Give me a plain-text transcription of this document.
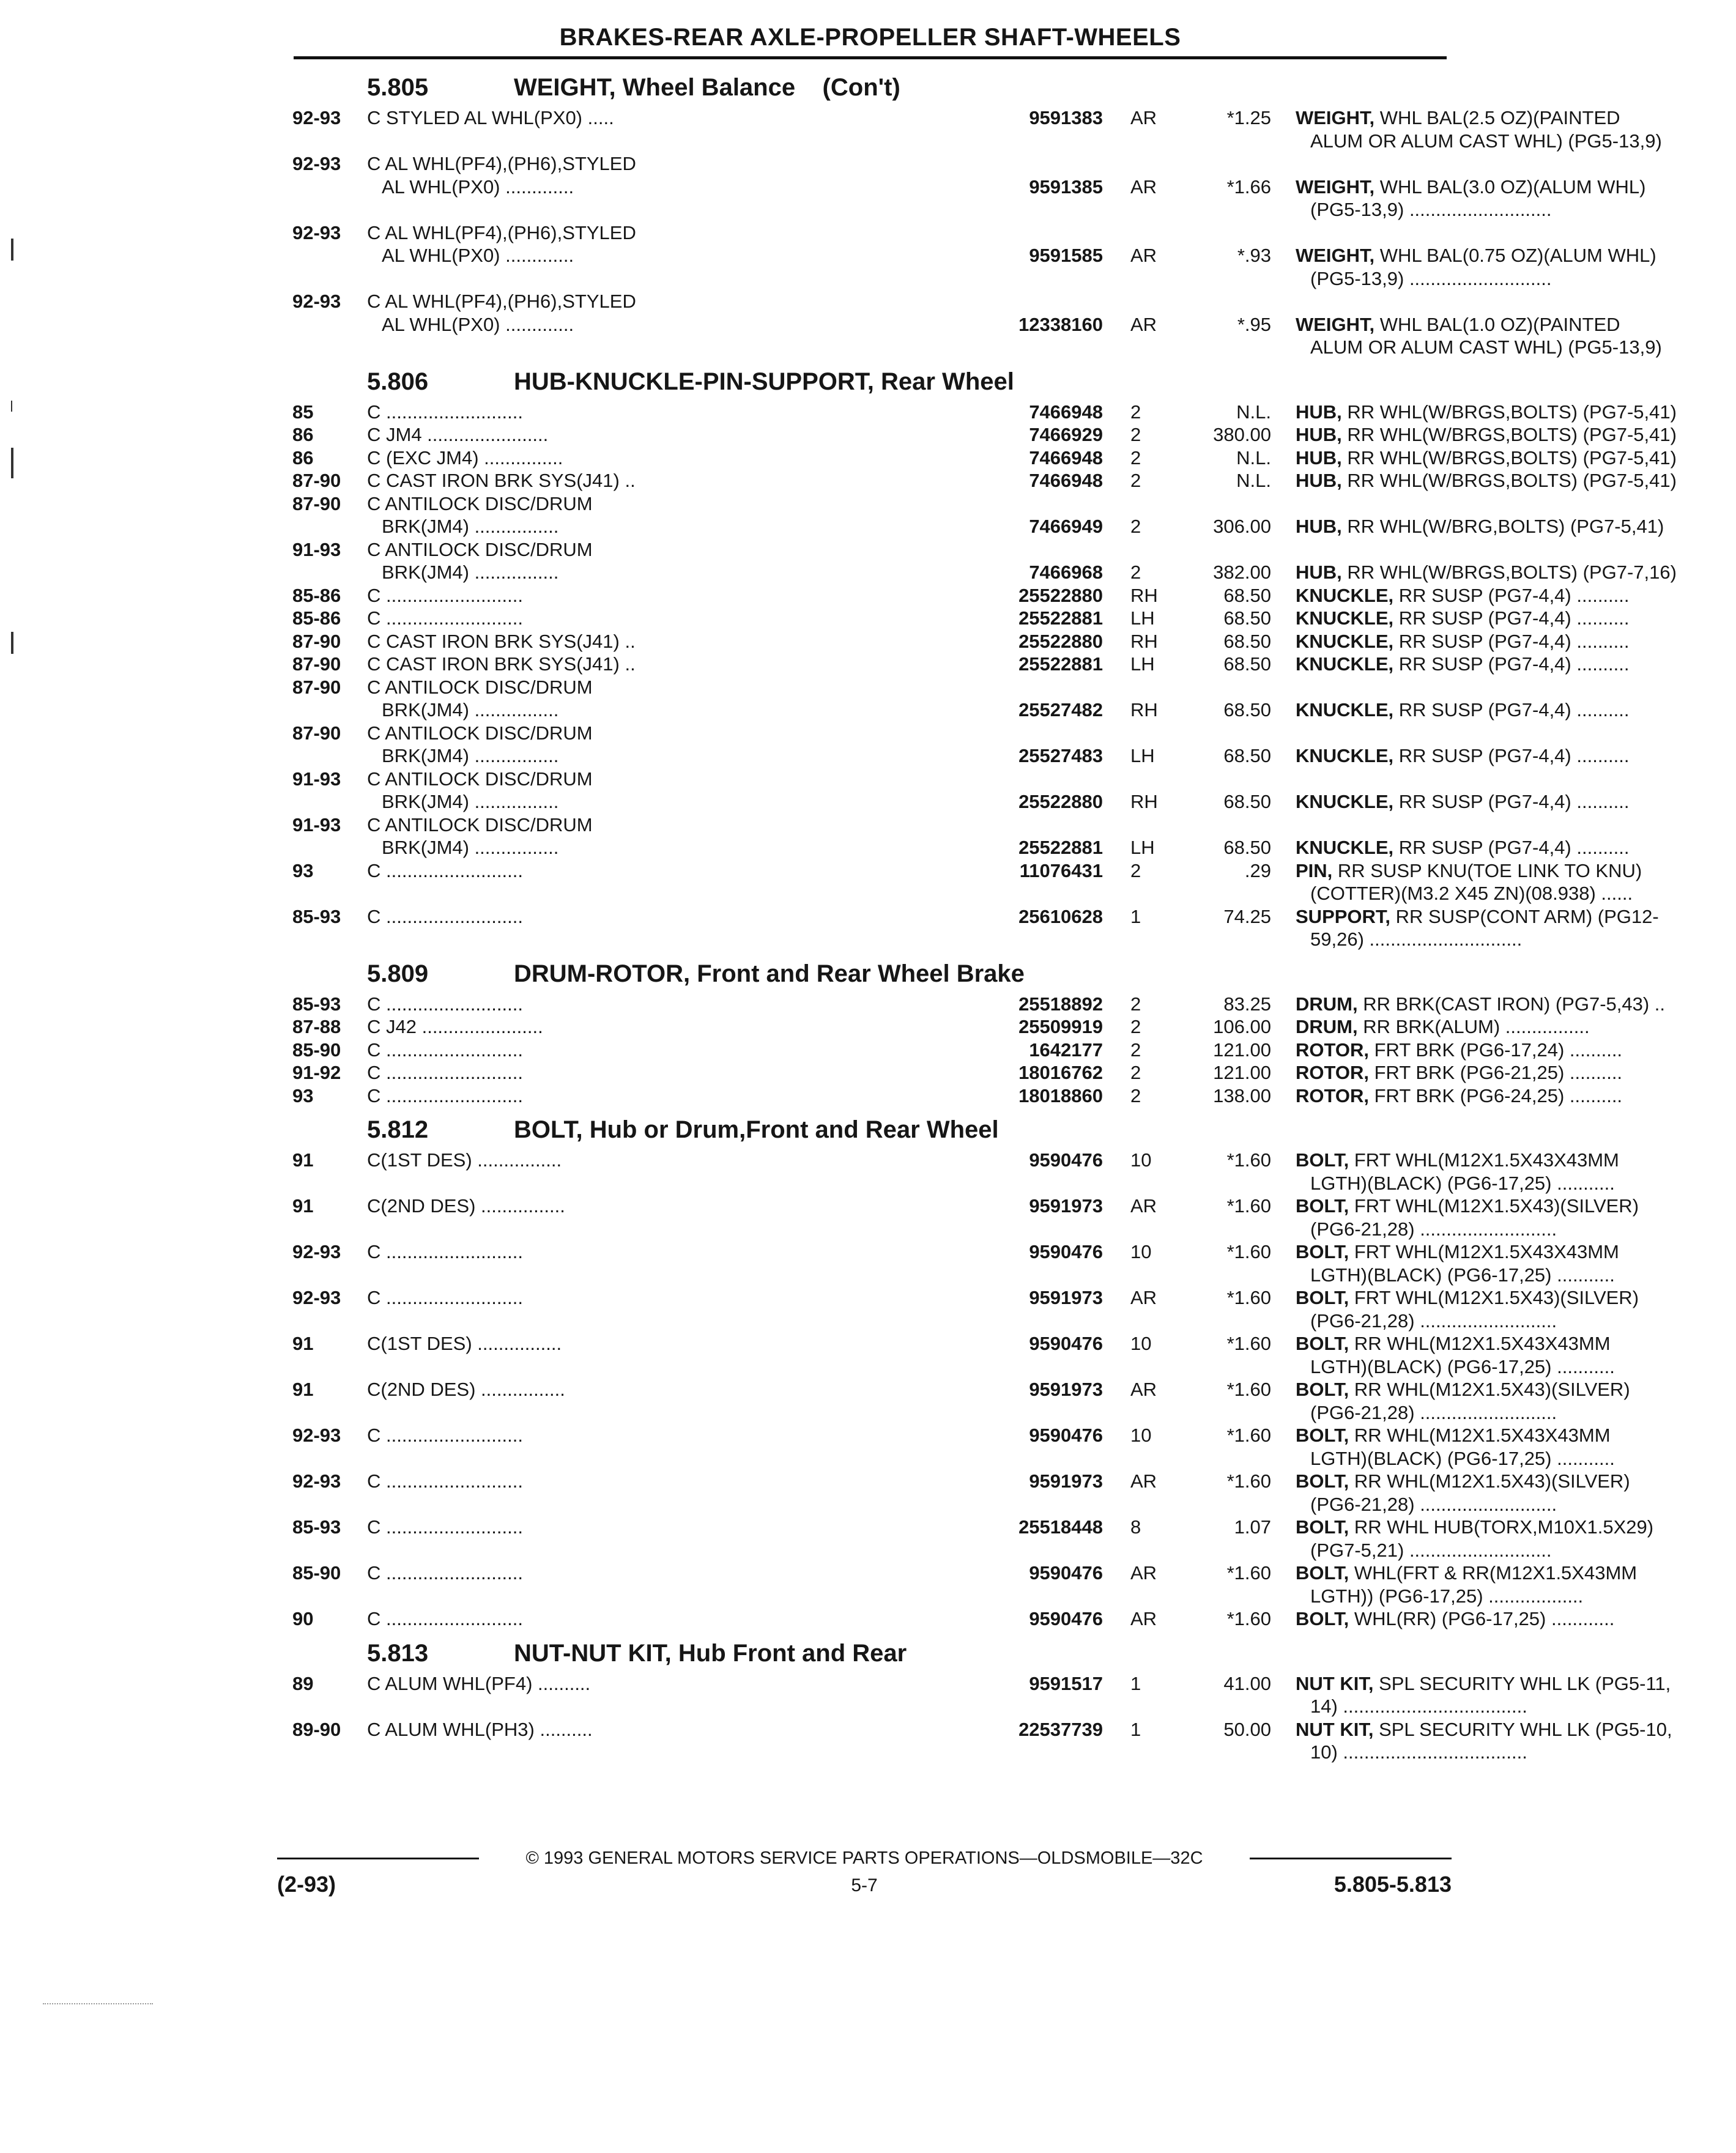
BRAKES-REAR AXLE-PROPELLER SHAFT-WHEELS
5.805	WEIGHT, Wheel Balance    (Con't)
92-93 C STYLED AL WHL(PX0) .....	9591383 AR	*1.25 WEIGHT, WHL BAL(2.5 OZ)(PAINTED
ALUM OR ALUM CAST WHL) (PG5-13,9)
92-93 C AL WHL(PF4),(PH6),STYLED
AL WHL(PX0) .............	9591385 AR	*1.66 WEIGHT, WHL BAL(3.0 OZ)(ALUM WHL)
(PG5-13,9) ...........................
92-93 C AL WHL(PF4),(PH6),STYLED
AL WHL(PX0) .............	9591585 AR	*.93 WEIGHT, WHL BAL(0.75 OZ)(ALUM WHL)
(PG5-13,9) ...........................
92-93 C AL WHL(PF4),(PH6),STYLED
AL WHL(PX0) .............	12338160 AR	*.95 WEIGHT, WHL BAL(1.0 OZ)(PAINTED
ALUM OR ALUM CAST WHL) (PG5-13,9)
5.806	HUB-KNUCKLE-PIN-SUPPORT, Rear Wheel
85	C ..........................	7466948 2	N.L. HUB, RR WHL(W/BRGS,BOLTS) (PG7-5,41)
86	C JM4 .......................	7466929 2	380.00 HUB, RR WHL(W/BRGS,BOLTS) (PG7-5,41)
86	C (EXC JM4) ...............	7466948 2	N.L. HUB, RR WHL(W/BRGS,BOLTS) (PG7-5,41)
87-90 C CAST IRON BRK SYS(J41) ..	7466948 2	N.L. HUB, RR WHL(W/BRGS,BOLTS) (PG7-5,41)
87-90 C ANTILOCK DISC/DRUM
BRK(JM4) ................	7466949 2	306.00 HUB, RR WHL(W/BRG,BOLTS) (PG7-5,41)
91-93 C ANTILOCK DISC/DRUM
BRK(JM4) ................	7466968 2	382.00 HUB, RR WHL(W/BRGS,BOLTS) (PG7-7,16)
85-86 C ..........................	25522880 RH	68.50 KNUCKLE, RR SUSP (PG7-4,4) ..........
85-86 C ..........................	25522881 LH	68.50 KNUCKLE, RR SUSP (PG7-4,4) ..........
87-90 C CAST IRON BRK SYS(J41) ..	25522880 RH	68.50 KNUCKLE, RR SUSP (PG7-4,4) ..........
87-90 C CAST IRON BRK SYS(J41) ..	25522881 LH	68.50 KNUCKLE, RR SUSP (PG7-4,4) ..........
87-90 C ANTILOCK DISC/DRUM
BRK(JM4) ................	25527482 RH	68.50 KNUCKLE, RR SUSP (PG7-4,4) ..........
87-90 C ANTILOCK DISC/DRUM
BRK(JM4) ................	25527483 LH	68.50 KNUCKLE, RR SUSP (PG7-4,4) ..........
91-93 C ANTILOCK DISC/DRUM
BRK(JM4) ................	25522880 RH	68.50 KNUCKLE, RR SUSP (PG7-4,4) ..........
91-93 C ANTILOCK DISC/DRUM
BRK(JM4) ................	25522881 LH	68.50 KNUCKLE, RR SUSP (PG7-4,4) ..........
93	C ..........................	11076431 2	.29 PIN, RR SUSP KNU(TOE LINK TO KNU)
(COTTER)(M3.2 X45 ZN)(08.938) ......
85-93 C ..........................	25610628 1	74.25 SUPPORT, RR SUSP(CONT ARM) (PG12-
59,26) .............................
5.809	DRUM-ROTOR, Front and Rear Wheel Brake
85-93 C ..........................	25518892 2	83.25 DRUM, RR BRK(CAST IRON) (PG7-5,43) ..
87-88 C J42 .......................	25509919 2	106.00 DRUM, RR BRK(ALUM) ................
85-90 C ..........................	1642177 2	121.00 ROTOR, FRT BRK (PG6-17,24) ..........
91-92 C ..........................	18016762 2	121.00 ROTOR, FRT BRK (PG6-21,25) ..........
93	C ..........................	18018860 2	138.00 ROTOR, FRT BRK (PG6-24,25) ..........
5.812	BOLT, Hub or Drum,Front and Rear Wheel
91	C(1ST DES) ................	9590476 10	*1.60 BOLT, FRT WHL(M12X1.5X43X43MM
LGTH)(BLACK) (PG6-17,25) ...........
91	C(2ND DES) ................	9591973 AR	*1.60 BOLT, FRT WHL(M12X1.5X43)(SILVER)
(PG6-21,28) ..........................
92-93 C ..........................	9590476 10	*1.60 BOLT, FRT WHL(M12X1.5X43X43MM
LGTH)(BLACK) (PG6-17,25) ...........
92-93 C ..........................	9591973 AR	*1.60 BOLT, FRT WHL(M12X1.5X43)(SILVER)
(PG6-21,28) ..........................
91	C(1ST DES) ................	9590476 10	*1.60 BOLT, RR WHL(M12X1.5X43X43MM
LGTH)(BLACK) (PG6-17,25) ...........
91	C(2ND DES) ................	9591973 AR	*1.60 BOLT, RR WHL(M12X1.5X43)(SILVER)
(PG6-21,28) ..........................
92-93 C ..........................	9590476 10	*1.60 BOLT, RR WHL(M12X1.5X43X43MM
LGTH)(BLACK) (PG6-17,25) ...........
92-93 C ..........................	9591973 AR	*1.60 BOLT, RR WHL(M12X1.5X43)(SILVER)
(PG6-21,28) ..........................
85-93 C ..........................	25518448 8	1.07 BOLT, RR WHL HUB(TORX,M10X1.5X29)
(PG7-5,21) ...........................
85-90 C ..........................	9590476 AR	*1.60 BOLT, WHL(FRT & RR(M12X1.5X43MM
LGTH)) (PG6-17,25) ..................
90	C ..........................	9590476 AR	*1.60 BOLT, WHL(RR) (PG6-17,25) ............
5.813	NUT-NUT KIT, Hub Front and Rear
89	C ALUM WHL(PF4) ..........	9591517 1	41.00 NUT KIT, SPL SECURITY WHL LK (PG5-11,
14) ...................................
89-90 C ALUM WHL(PH3) ..........	22537739 1	50.00 NUT KIT, SPL SECURITY WHL LK (PG5-10,
10) ...................................
© 1993 GENERAL MOTORS SERVICE PARTS OPERATIONS—OLDSMOBILE—32C
(2-93)	5-7	5.805-5.813
